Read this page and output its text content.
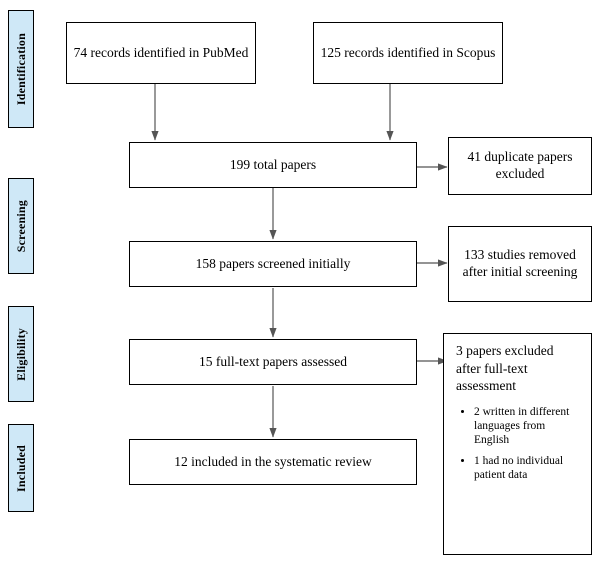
Identification
Screening
Eligibility
Included
74 records identified in PubMed	125 records identified in Scopus
199 total papers	41 duplicate papers excluded
158 papers screened initially
133 studies removed after initial screening
15 full-text papers assessed
3 papers excluded after full-text assessment
• 2 written in different languages from English
• 1 had no individual patient data
12 included in the systematic review
